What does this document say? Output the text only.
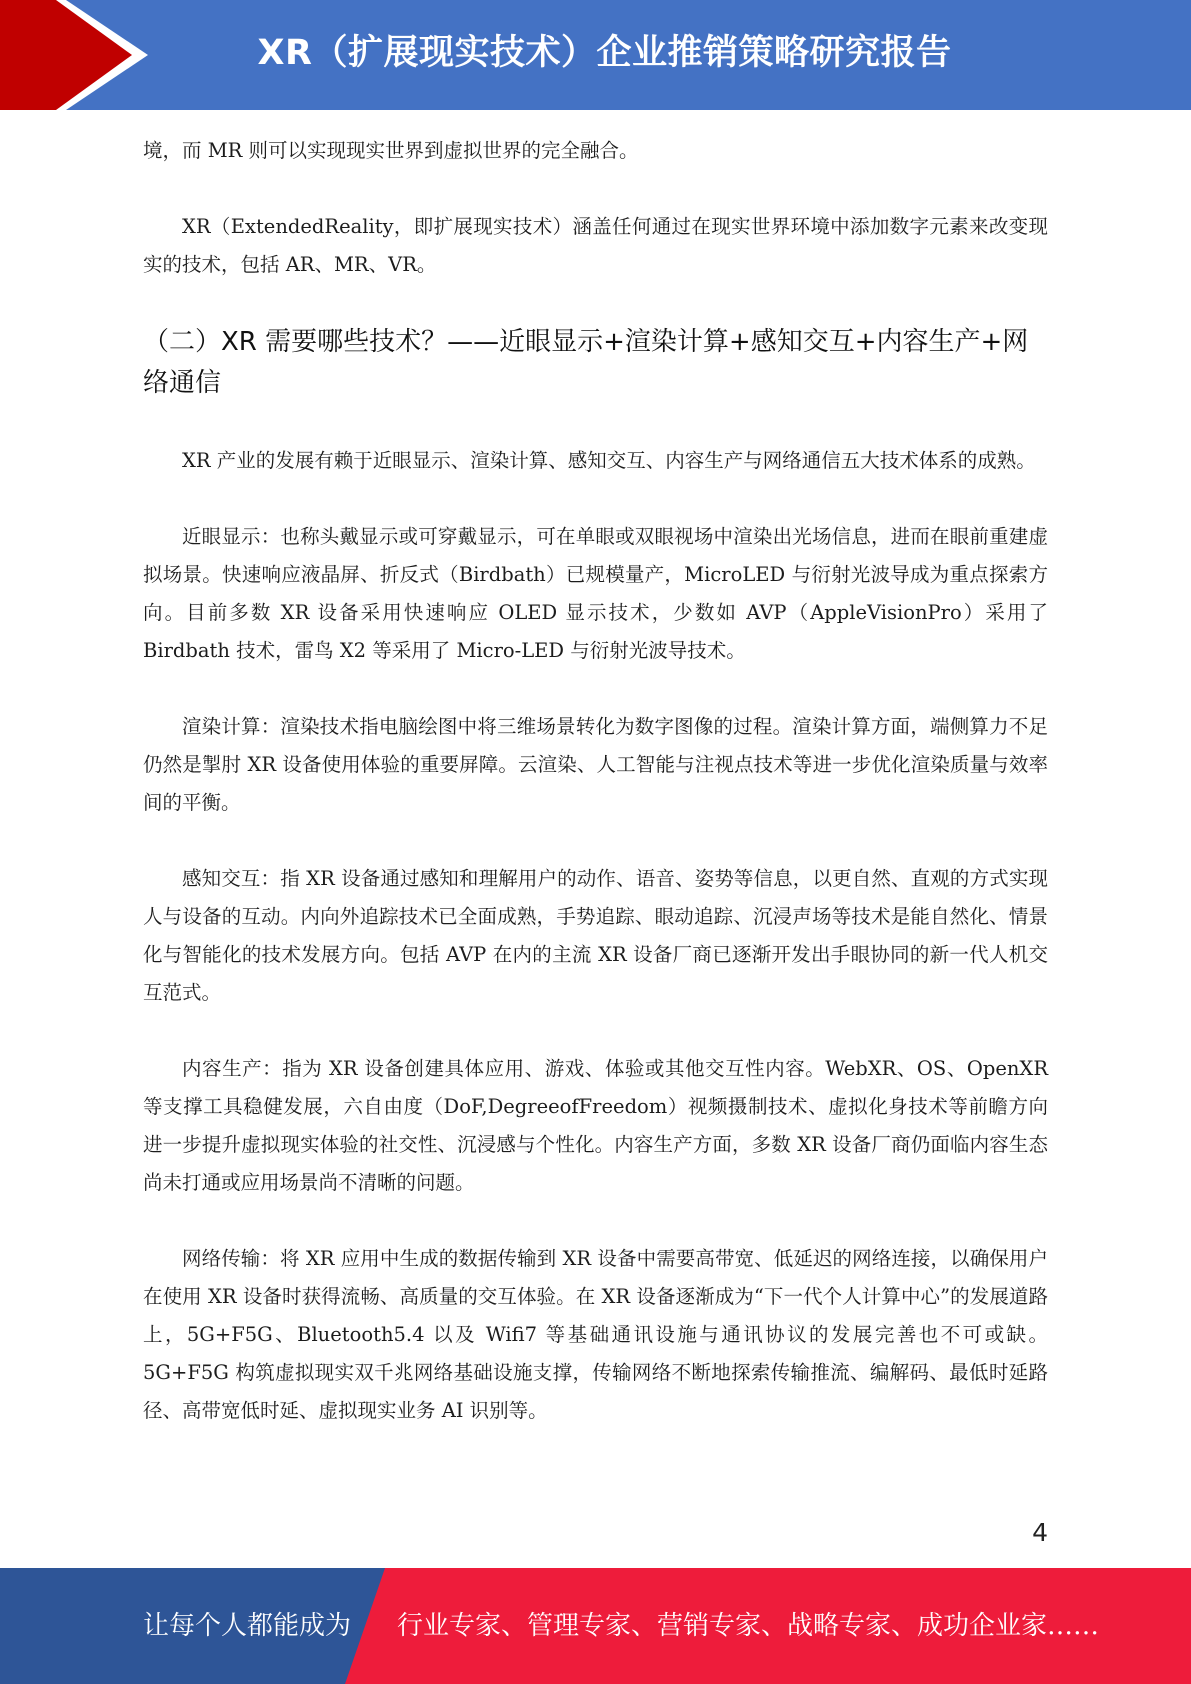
XR（扩展现实技术）企业推销策略研究报告

境，而 MR 则可以实现现实世界到虚拟世界的完全融合。

XR（ExtendedReality，即扩展现实技术）涵盖任何通过在现实世界环境中添加数字元素来改变现实的技术，包括 AR、MR、VR。

（二）XR 需要哪些技术？——近眼显示+渲染计算+感知交互+内容生产+网络通信

XR 产业的发展有赖于近眼显示、渲染计算、感知交互、内容生产与网络通信五大技术体系的成熟。

近眼显示：也称头戴显示或可穿戴显示，可在单眼或双眼视场中渲染出光场信息，进而在眼前重建虚拟场景。快速响应液晶屏、折反式（Birdbath）已规模量产，MicroLED 与衍射光波导成为重点探索方向。目前多数 XR 设备采用快速响应 OLED 显示技术，少数如 AVP（AppleVisionPro）采用了 Birdbath 技术，雷鸟 X2 等采用了 Micro-LED 与衍射光波导技术。

渲染计算：渲染技术指电脑绘图中将三维场景转化为数字图像的过程。渲染计算方面，端侧算力不足仍然是掣肘 XR 设备使用体验的重要屏障。云渲染、人工智能与注视点技术等进一步优化渲染质量与效率间的平衡。

感知交互：指 XR 设备通过感知和理解用户的动作、语音、姿势等信息，以更自然、直观的方式实现人与设备的互动。内向外追踪技术已全面成熟，手势追踪、眼动追踪、沉浸声场等技术是能自然化、情景化与智能化的技术发展方向。包括 AVP 在内的主流 XR 设备厂商已逐渐开发出手眼协同的新一代人机交互范式。

内容生产：指为 XR 设备创建具体应用、游戏、体验或其他交互性内容。WebXR、OS、OpenXR 等支撑工具稳健发展，六自由度（DoF,DegreeofFreedom）视频摄制技术、虚拟化身技术等前瞻方向进一步提升虚拟现实体验的社交性、沉浸感与个性化。内容生产方面，多数 XR 设备厂商仍面临内容生态尚未打通或应用场景尚不清晰的问题。

网络传输：将 XR 应用中生成的数据传输到 XR 设备中需要高带宽、低延迟的网络连接，以确保用户在使用 XR 设备时获得流畅、高质量的交互体验。在 XR 设备逐渐成为“下一代个人计算中心”的发展道路上，5G+F5G、Bluetooth5.4 以及 Wifi7 等基础通讯设施与通讯协议的发展完善也不可或缺。5G+F5G 构筑虚拟现实双千兆网络基础设施支撑，传输网络不断地探索传输推流、编解码、最低时延路径、高带宽低时延、虚拟现实业务 AI 识别等。

4
让每个人都能成为 行业专家、管理专家、营销专家、战略专家、成功企业家……
